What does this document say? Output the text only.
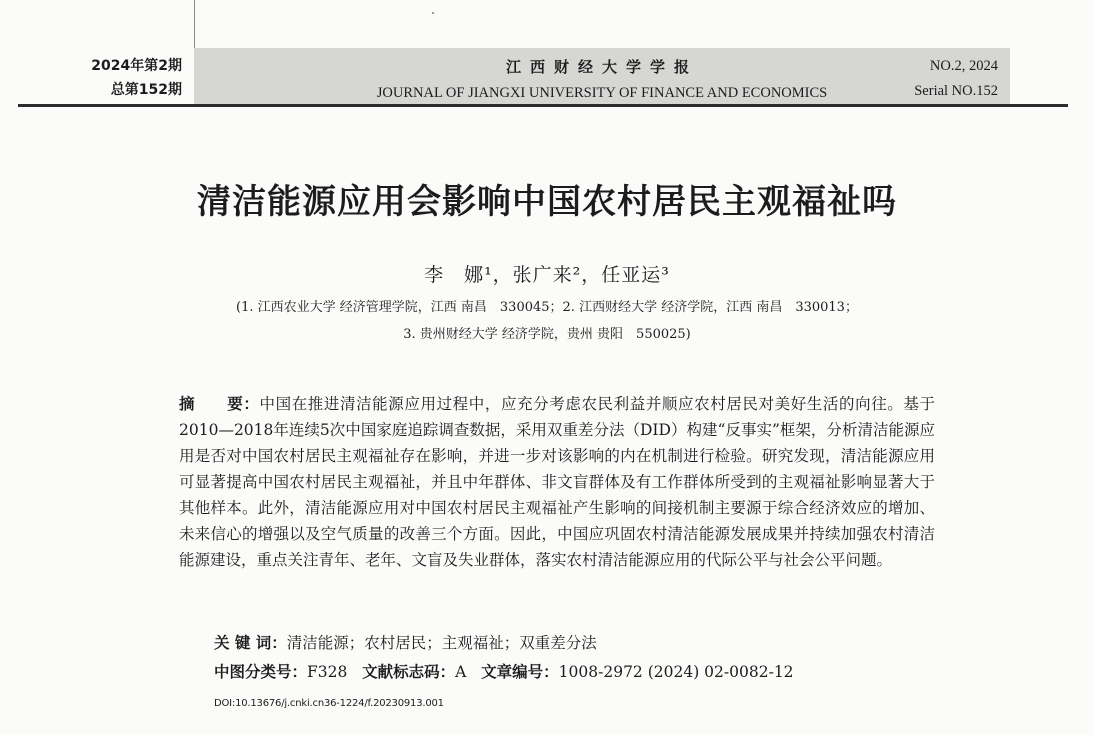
2024年第2期
总第152期
江西财经大学学报
JOURNAL OF JIANGXI UNIVERSITY OF FINANCE AND ECONOMICS
NO.2, 2024
Serial NO.152
清洁能源应用会影响中国农村居民主观福祉吗
李　娜¹，张广来²，任亚运³
(1. 江西农业大学 经济管理学院，江西 南昌　330045；2. 江西财经大学 经济学院，江西 南昌　330013；
3. 贵州财经大学 经济学院，贵州 贵阳　550025)
摘　　要：中国在推进清洁能源应用过程中，应充分考虑农民利益并顺应农村居民对美好生活的向往。基于2010—2018年连续5次中国家庭追踪调查数据，采用双重差分法（DID）构建“反事实”框架，分析清洁能源应用是否对中国农村居民主观福祉存在影响，并进一步对该影响的内在机制进行检验。研究发现，清洁能源应用可显著提高中国农村居民主观福祉，并且中年群体、非文盲群体及有工作群体所受到的主观福祉影响显著大于其他样本。此外，清洁能源应用对中国农村居民主观福祉产生影响的间接机制主要源于综合经济效应的增加、未来信心的增强以及空气质量的改善三个方面。因此，中国应巩固农村清洁能源发展成果并持续加强农村清洁能源建设，重点关注青年、老年、文盲及失业群体，落实农村清洁能源应用的代际公平与社会公平问题。
关 键 词：清洁能源；农村居民；主观福祉；双重差分法
中图分类号：F328 文献标志码：A 文章编号：1008-2972 (2024) 02-0082-12
DOI:10.13676/j.cnki.cn36-1224/f.20230913.001
